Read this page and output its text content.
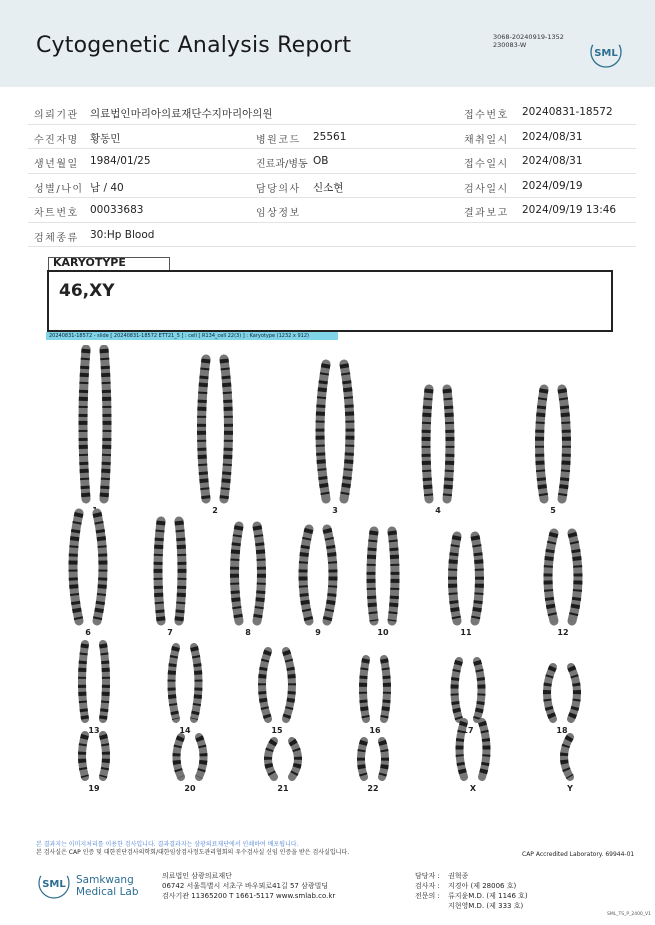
Cytogenetic Analysis Report	3068-20240919-1352
230083-W
SML
의뢰기관 의료법인마리아의료재단수지마리아의원	접수번호 20240831-18572
수진자명 황동민	병원코드 25561	채취일시 2024/08/31
생년월일 1984/01/25	진료과/병동 OB	접수일시 2024/08/31
성별/나이 남 / 40	담당의사 신소현	검사일시 2024/09/19
차트번호 00033683	임상정보	결과보고 2024/09/19 13:46
검체종류 30:Hp Blood
KARYOTYPE
46,XY
20240831-18572 - slide [ 20240831-18572 ETT21_5 ] : cell [ R134_cell 22(3) ] : Karyotype (1232 x 912)
1	2	3	4	5
6	7	8	9	10	11	12
13	14	15	16	17	18
19	20	21	22	X	Y
본 결과지는 이미지처리를 이용한 검사입니다. 결과결과지는 삼광의료재단에서 인쇄하여 배포됩니다.
본 검사실은 CAP 인증 및 대한진단검사의학회/대한임상검사정도관리협회의 우수검사실 신임 인증을 받은 검사실입니다.	CAP Accredited Laboratory. 69944-01
SML Samkwang
Medical Lab
의료법인 삼광의료재단
06742 서울특별시 서초구 바우뫼로41길 57 삼광빌딩
검사기관 11365200 T 1661-5117 www.smlab.co.kr
담당자 : 권혁종
검사자 : 지경아 (제 28006 호)
전문의 : 류지윤M.D. (제 1146 호)
지현영M.D. (제 333 호)
SML_TS_P_2400_V1
